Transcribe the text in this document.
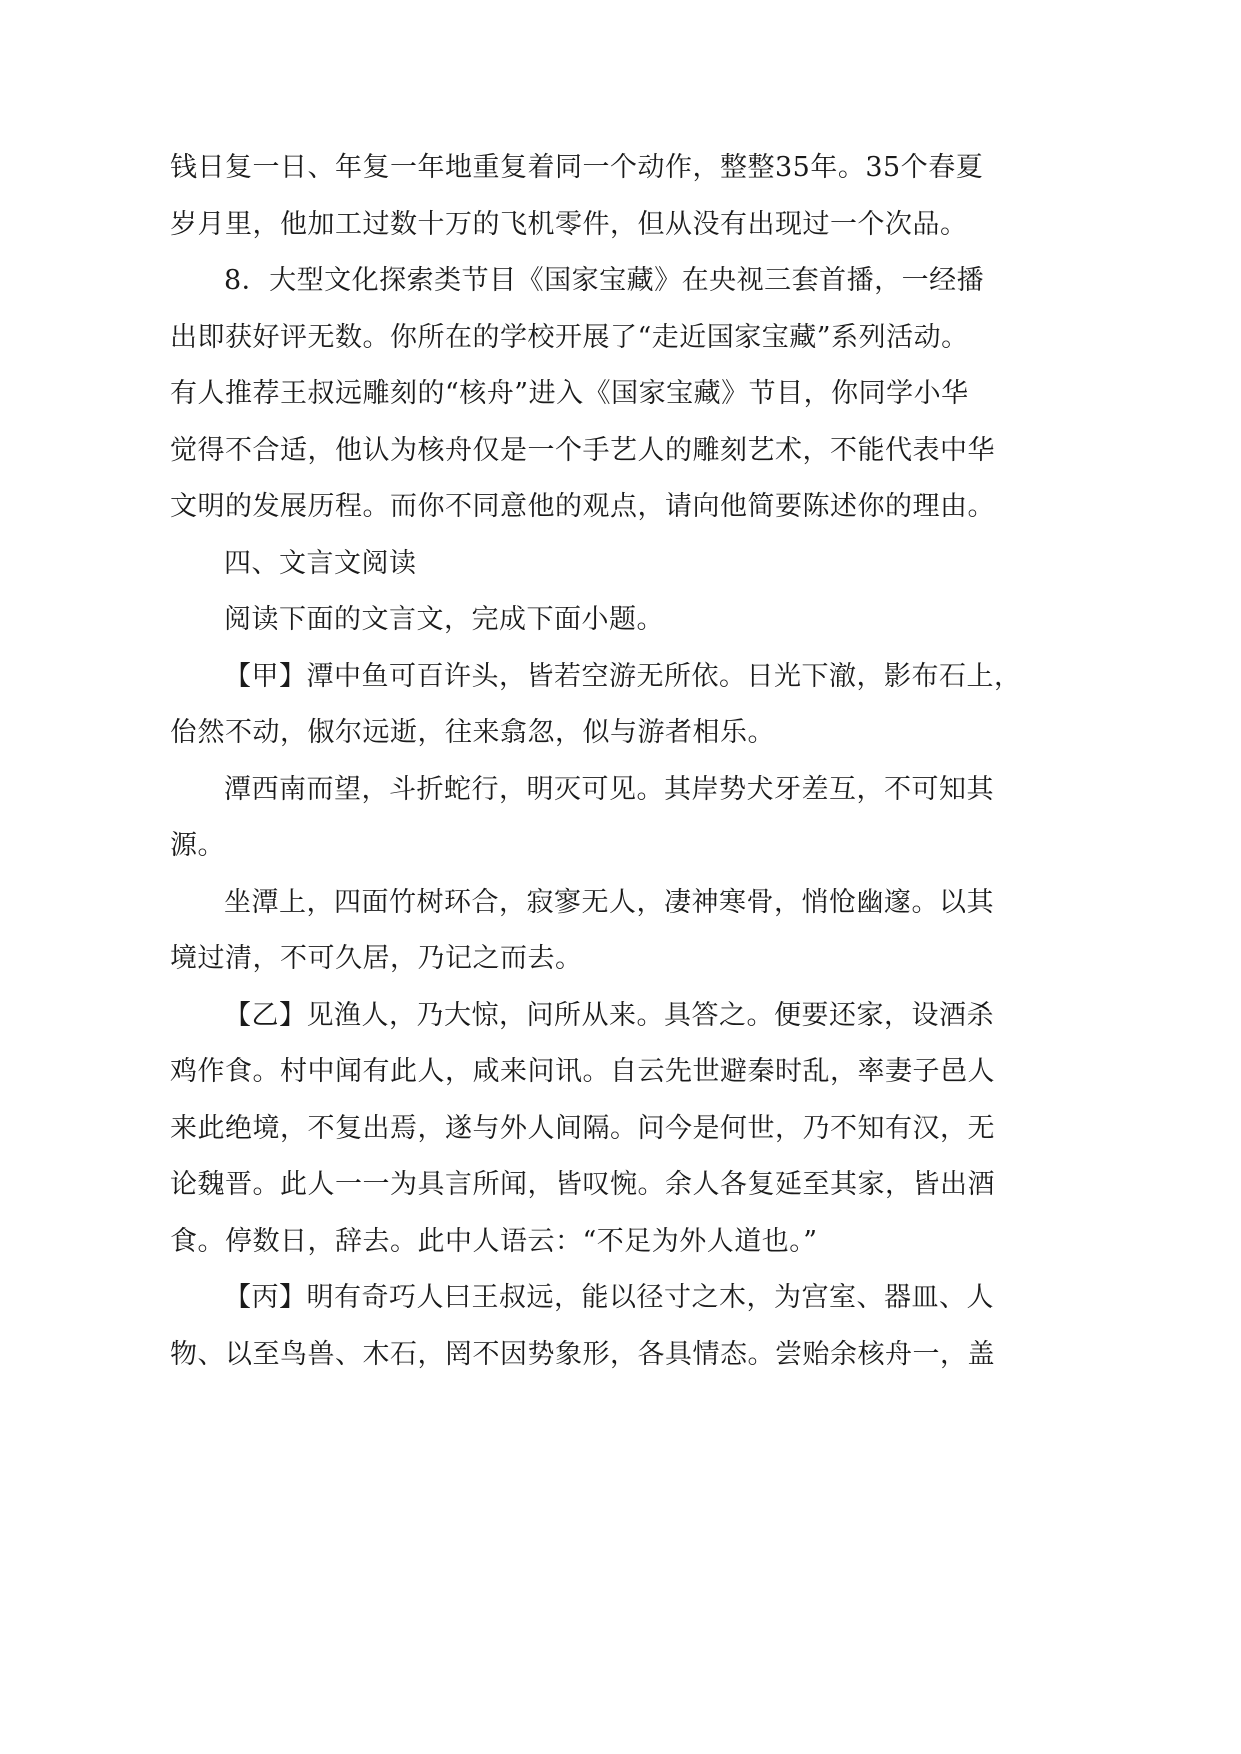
钱日复一日、年复一年地重复着同一个动作，整整35年。35个春夏
岁月里，他加工过数十万的飞机零件，但从没有出现过一个次品。
8．大型文化探索类节目《国家宝藏》在央视三套首播，一经播
出即获好评无数。你所在的学校开展了“走近国家宝藏”系列活动。
有人推荐王叔远雕刻的“核舟”进入《国家宝藏》节目，你同学小华
觉得不合适，他认为核舟仅是一个手艺人的雕刻艺术，不能代表中华
文明的发展历程。而你不同意他的观点，请向他简要陈述你的理由。
四、文言文阅读
阅读下面的文言文，完成下面小题。
【甲】潭中鱼可百许头，皆若空游无所依。日光下澈，影布石上，
佁然不动，俶尔远逝，往来翕忽，似与游者相乐。
潭西南而望，斗折蛇行，明灭可见。其岸势犬牙差互，不可知其
源。
坐潭上，四面竹树环合，寂寥无人，凄神寒骨，悄怆幽邃。以其
境过清，不可久居，乃记之而去。
【乙】见渔人，乃大惊，问所从来。具答之。便要还家，设酒杀
鸡作食。村中闻有此人，咸来问讯。自云先世避秦时乱，率妻子邑人
来此绝境，不复出焉，遂与外人间隔。问今是何世，乃不知有汉，无
论魏晋。此人一一为具言所闻，皆叹惋。余人各复延至其家，皆出酒
食。停数日，辞去。此中人语云：“不足为外人道也。”
【丙】明有奇巧人曰王叔远，能以径寸之木，为宫室、器皿、人
物、以至鸟兽、木石，罔不因势象形，各具情态。尝贻余核舟一，盖
